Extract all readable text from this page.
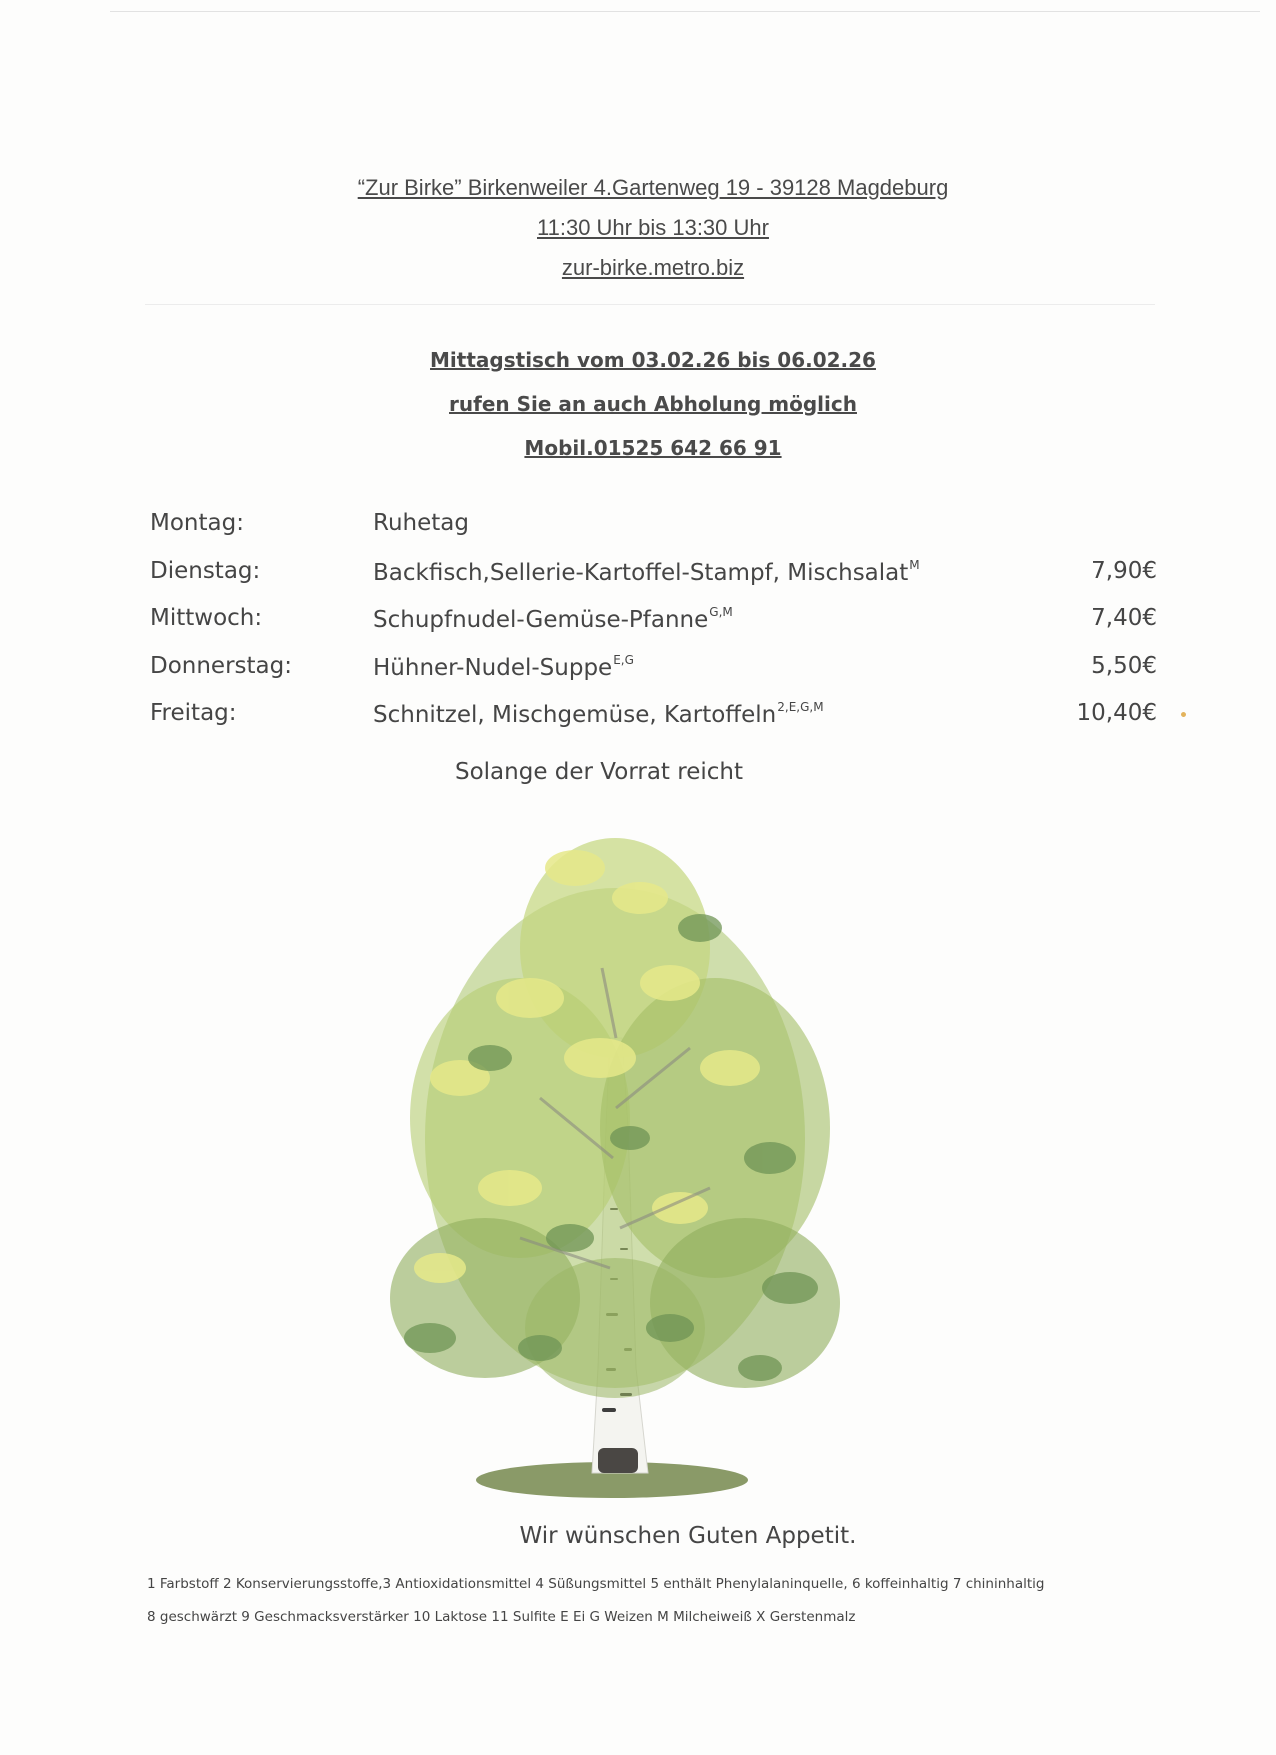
“Zur Birke” Birkenweiler 4.Gartenweg 19 - 39128 Magdeburg
11:30 Uhr bis 13:30 Uhr
zur-birke.metro.biz
Mittagstisch vom 03.02.26 bis 06.02.26
rufen Sie an auch Abholung möglich
Mobil.01525 642 66 91
Montag:	Ruhetag
Dienstag:	Backfisch,Sellerie-Kartoffel-Stampf, Mischsalat$^M$	7,90€
Mittwoch:	Schupfnudel-Gemüse-Pfanne$^{G,M}$	7,40€
Donnerstag:	Hühner-Nudel-Suppe$^{E,G}$	5,50€
Freitag:	Schnitzel, Mischgemüse, Kartoffeln$^{2,E,G,M}$	10,40€
Solange der Vorrat reicht
Wir wünschen Guten Appetit.
1 Farbstoff 2 Konservierungsstoffe,3 Antioxidationsmittel 4 Süßungsmittel 5 enthält Phenylalaninquelle, 6 koffeinhaltig 7 chininhaltig
8 geschwärzt 9 Geschmacksverstärker 10 Laktose 11 Sulfite E Ei G Weizen M Milcheiweiß X Gerstenmalz
